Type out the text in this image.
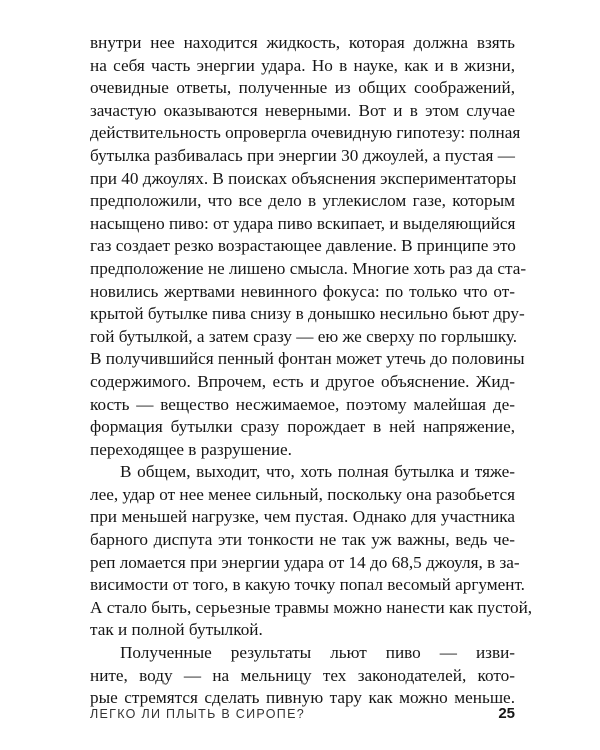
внутри нее находится жидкость, которая должна взять
на себя часть энергии удара. Но в науке, как и в жизни,
очевидные ответы, полученные из общих соображений,
зачастую оказываются неверными. Вот и в этом случае
действительность опровергла очевидную гипотезу: полная
бутылка разбивалась при энергии 30 джоулей, а пустая —
при 40 джоулях. В поисках объяснения экспериментаторы
предположили, что все дело в углекислом газе, которым
насыщено пиво: от удара пиво вскипает, и выделяющийся
газ создает резко возрастающее давление. В принципе это
предположение не лишено смысла. Многие хоть раз да ста-
новились жертвами невинного фокуса: по только что от-
крытой бутылке пива снизу в донышко несильно бьют дру-
гой бутылкой, а затем сразу — ею же сверху по горлышку.
В получившийся пенный фонтан может утечь до половины
содержимого. Впрочем, есть и другое объяснение. Жид-
кость — вещество несжимаемое, поэтому малейшая де-
формация бутылки сразу порождает в ней напряжение,
переходящее в разрушение.
В общем, выходит, что, хоть полная бутылка и тяже-
лее, удар от нее менее сильный, поскольку она разобьется
при меньшей нагрузке, чем пустая. Однако для участника
барного диспута эти тонкости не так уж важны, ведь че-
реп ломается при энергии удара от 14 до 68,5 джоуля, в за-
висимости от того, в какую точку попал весомый аргумент.
А стало быть, серьезные травмы можно нанести как пустой,
так и полной бутылкой.
Полученные результаты льют пиво — изви-
ните, воду — на мельницу тех законодателей, кото-
рые стремятся сделать пивную тару как можно меньше.
ЛЕГКО ЛИ ПЛЫТЬ В СИРОПЕ?	25
